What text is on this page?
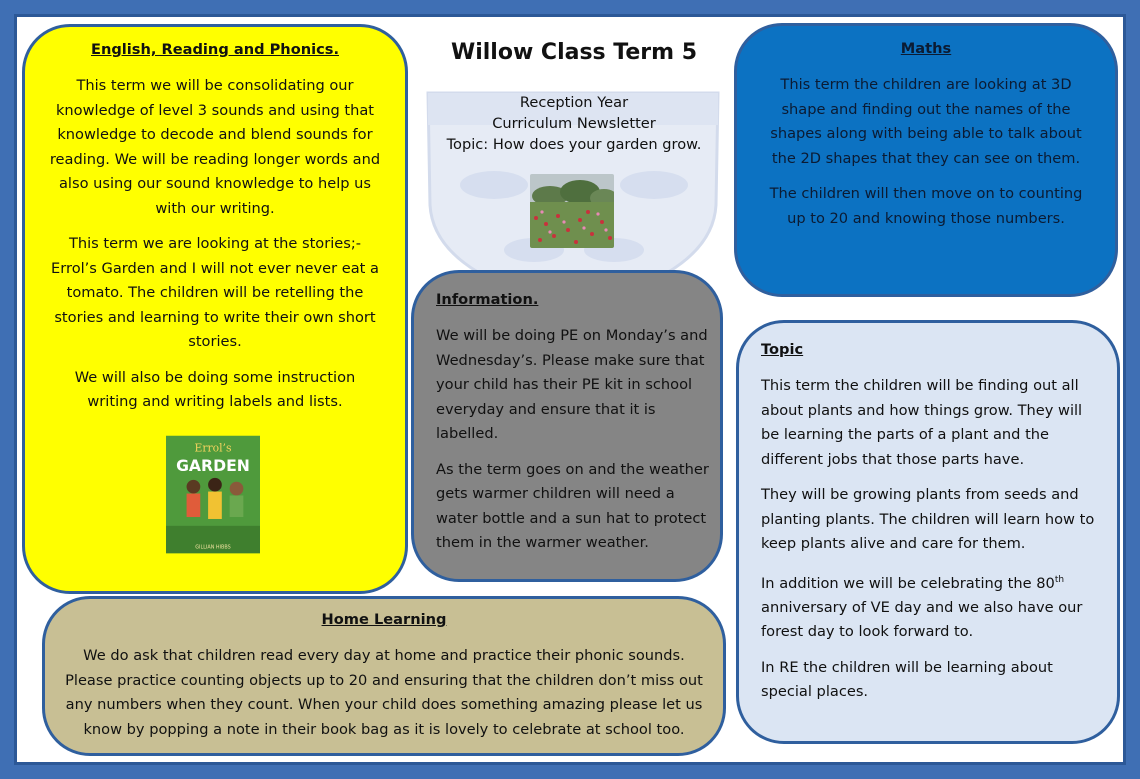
Willow Class Term 5
Reception Year
Curriculum Newsletter
Topic: How does your garden grow.
English, Reading and Phonics.

This term we will be consolidating our knowledge of level 3 sounds and using that knowledge to decode and blend sounds for reading. We will be reading longer words and also using our sound knowledge to help us with our writing.

This term we are looking at the stories;- Errol’s Garden and I will not ever never eat a tomato. The children will be retelling the stories and learning to write their own short stories.

We will also be doing some instruction writing and writing labels and lists.

Errol’s
GARDEN
GILLIAN HIBBS
Maths

This term the children are looking at 3D shape and finding out the names of the shapes along with being able to talk about the 2D shapes that they can see on them.

The children will then move on to counting up to 20 and knowing those numbers.

Information.

We will be doing PE on Monday’s and Wednesday’s. Please make sure that your child has their PE kit in school everyday and ensure that it is labelled.

As the term goes on and the weather gets warmer children will need a water bottle and a sun hat to protect them in the warmer weather.

Topic

This term the children will be finding out all about plants and how things grow. They will be learning the parts of a plant and the different jobs that those parts have.

They will be growing plants from seeds and planting plants. The children will learn how to keep plants alive and care for them.

In addition we will be celebrating the 80th anniversary of VE day and we also have our forest day to look forward to.

In RE the children will be learning about special places.

Home Learning

We do ask that children read every day at home and practice their phonic sounds. Please practice counting objects up to 20 and ensuring that the children don’t miss out any numbers when they count. When your child does something amazing please let us know by popping a note in their book bag as it is lovely to celebrate at school too.
